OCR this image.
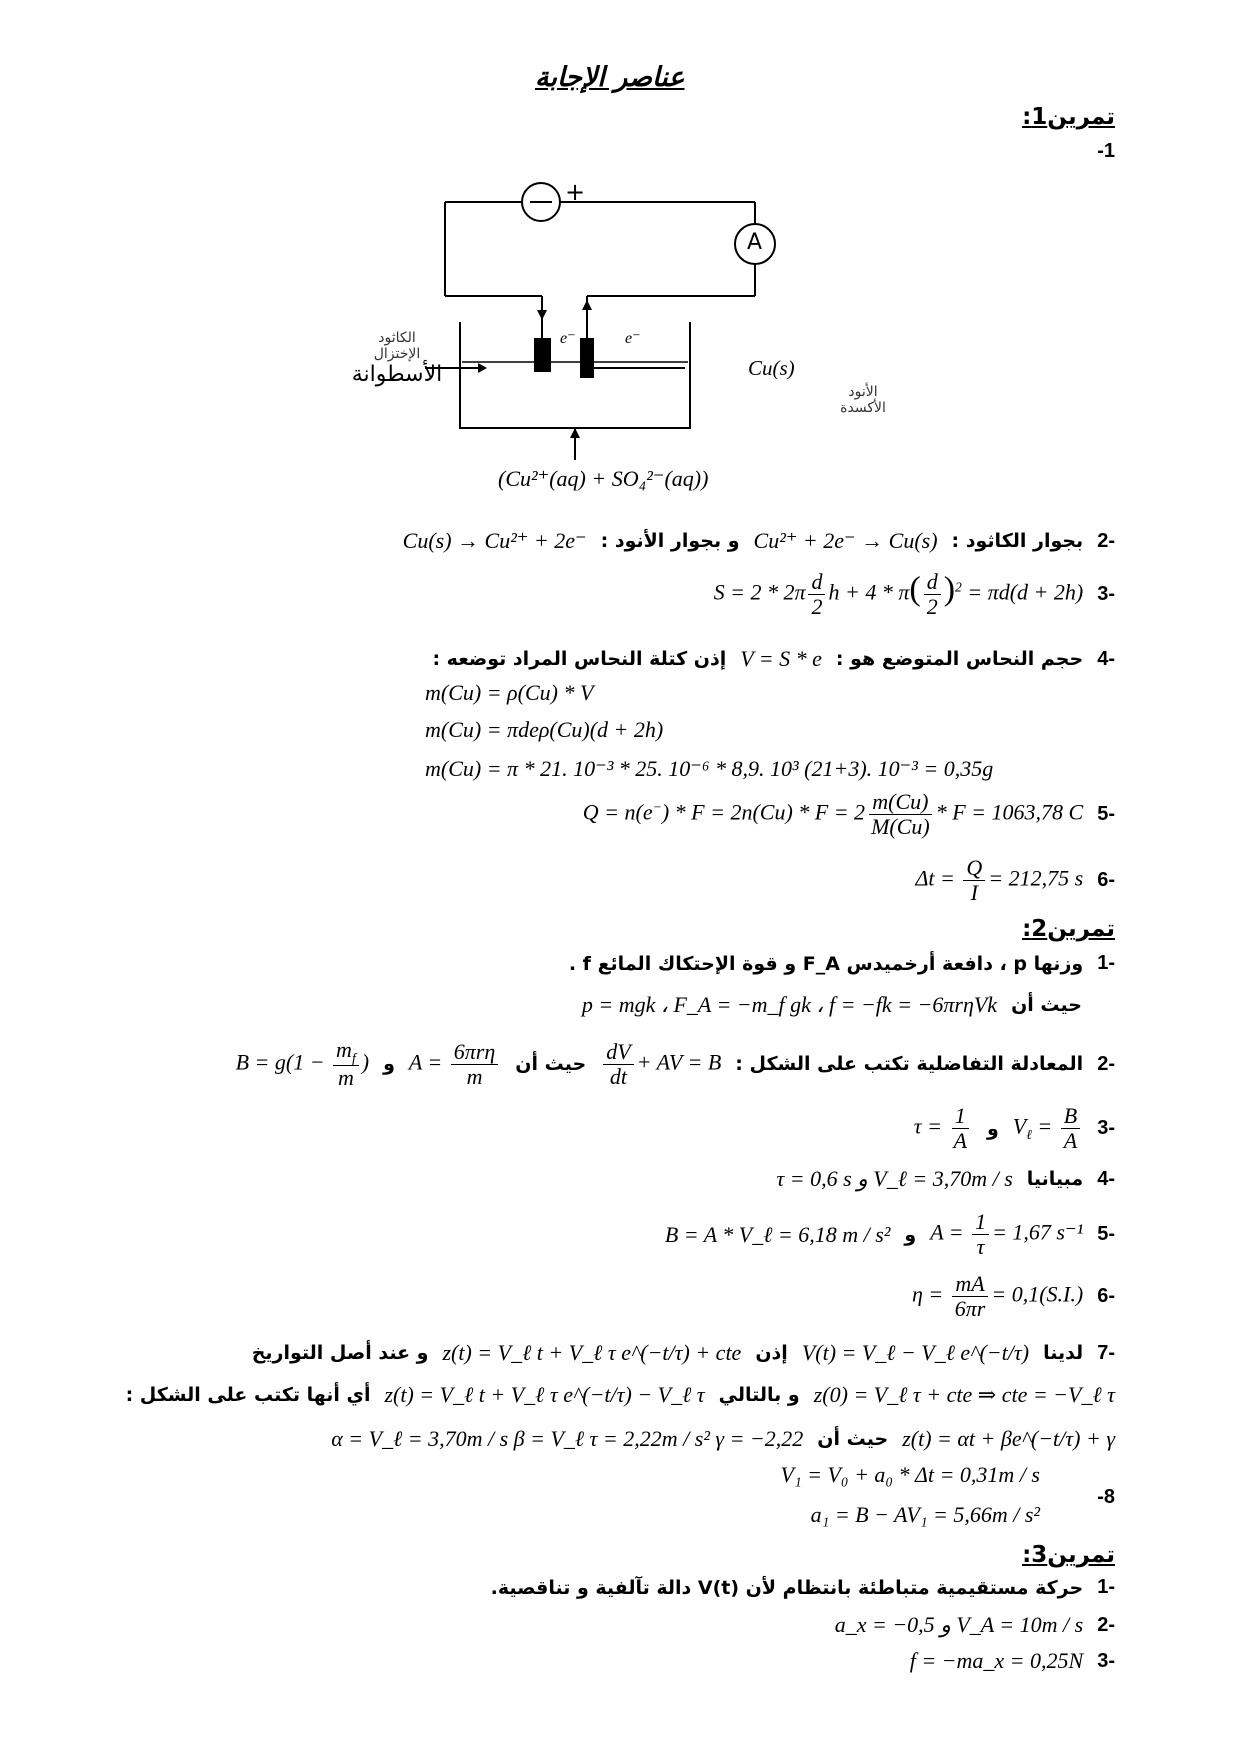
عناصر الإجابة
تمرين1:
-1
+
A
e⁻	e⁻
الكاثود
الإختزال
الأسطوانة	Cu(s)
الأنود
الأكسدة
(Cu²⁺(aq) + SO₄²⁻(aq))
-2
بجوار الكاثود :
Cu²⁺ + 2e⁻ → Cu(s)
و بجوار الأنود :
Cu(s) → Cu²⁺ + 2e⁻
-3
$S = 2 * 2\pi \frac{d}{2}$ $h + 4 * \pi( \frac{d}{2} )^2 = \pi d(d + 2h)$
-4
حجم النحاس المتوضع هو :
V = S * e
إذن كتلة النحاس المراد توضعه :
m(Cu) = ρ(Cu) * V
m(Cu) = πdeρ(Cu)(d + 2h)
m(Cu) = π * 21. 10⁻³ * 25. 10⁻⁶ * 8,9. 10³ (21+3). 10⁻³ = 0,35g
-5
$Q = n(e^-) * F = 2n(Cu) * F = 2 \frac{m(Cu)}{M(Cu)} * F = 1063,78$ C
-6
$\Delta t = \frac{Q}{I} = 212,75$ s
تمرين2:
-1
وزنها p ، دافعة أرخميدس F_A و قوة الإحتكاك المائع f .
حيث أن
p = mgk ، F_A = −m_f gk ، f = −fk = −6πrηVk
-2
المعادلة التفاضلية تكتب على الشكل :
$\frac{dV}{dt}$ + AV = B
حيث أن
$A = \frac{\text{6πrη}}{m}$
و
$B = g(1 - \frac{m_f}{m}$ )
-3
$V_\ell = \frac{B}{A}$
و
$\tau = \frac{1}{A}$
-4
مبيانيا
V_ℓ = 3,70m / s و τ = 0,6 s
-5
$A = \frac{1}{\tau} = 1,67$ s⁻¹
و
B = A * V_ℓ = 6,18 m / s²
-6
$\eta = \frac{mA}{6\pi r} = 0,1(S.I.)$
-7
لدينا
V(t) = V_ℓ − V_ℓ e^(−t/τ)
إذن
z(t) = V_ℓ t + V_ℓ τ e^(−t/τ) + cte
و عند أصل التواريخ
z(0) = V_ℓ τ + cte ⇒ cte = −V_ℓ τ
و بالتالي
z(t) = V_ℓ t + V_ℓ τ e^(−t/τ) − V_ℓ τ
أي أنها تكتب على الشكل :
z(t) = αt + βe^(−t/τ) + γ
حيث أن
α = V_ℓ = 3,70m / s β = V_ℓ τ = 2,22m / s² γ = −2,22
-8
V₁ = V₀ + a₀ * Δt = 0,31m / s
a₁ = B − AV₁ = 5,66m / s²
تمرين3:
-1
حركة مستقيمية متباطئة بانتظام لأن V(t) دالة تآلفية و تناقصية.
-2
V_A = 10m / s و a_x = −0,5
-3
f = −ma_x = 0,25N
